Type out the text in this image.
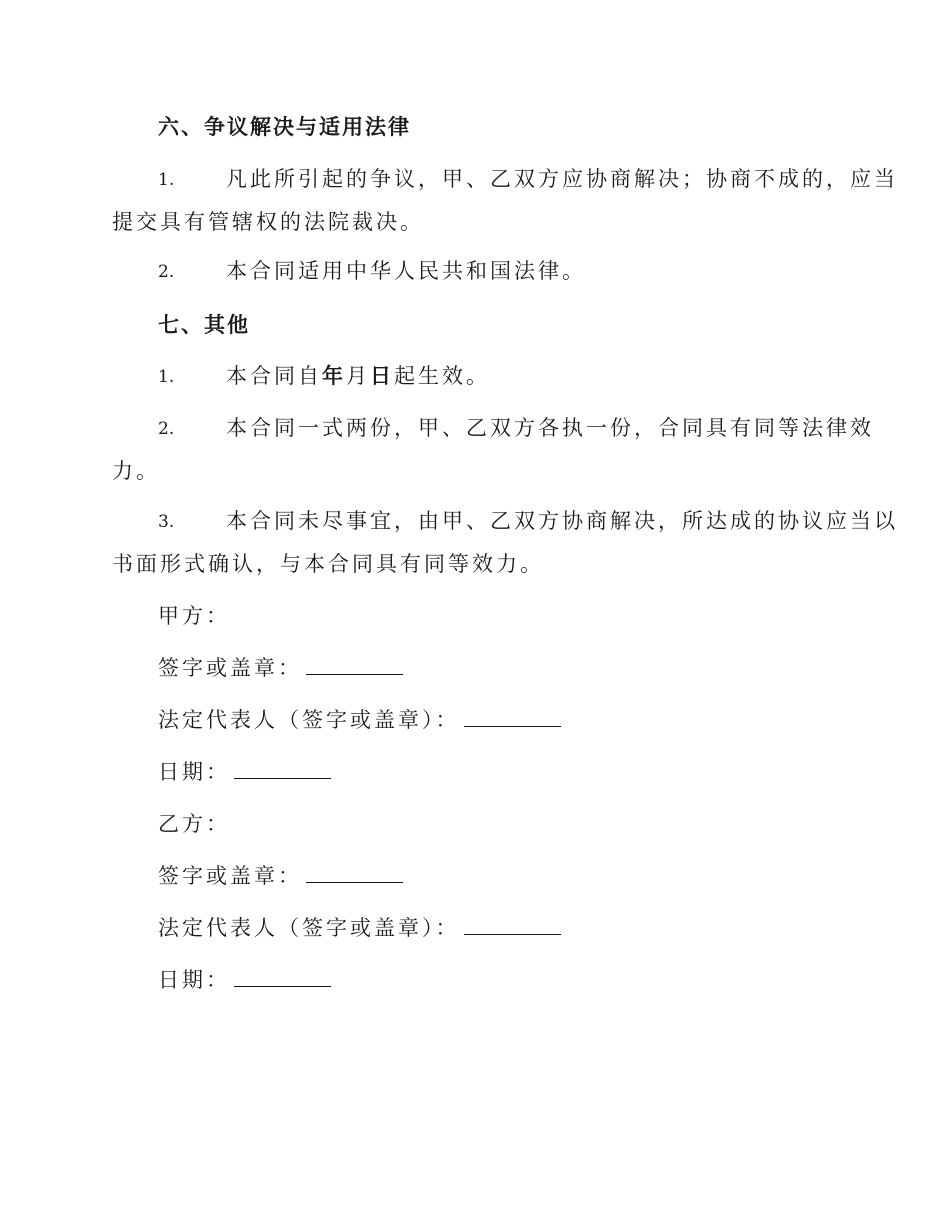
六、争议解决与适用法律
1. 凡此所引起的争议，甲、乙双方应协商解决；协商不成的，应当
提交具有管辖权的法院裁决。
2. 本合同适用中华人民共和国法律。
七、其他
1. 本合同自年月日起生效。
2. 本合同一式两份，甲、乙双方各执一份，合同具有同等法律效
力。
3. 本合同未尽事宜，由甲、乙双方协商解决，所达成的协议应当以
书面形式确认，与本合同具有同等效力。
甲方：
签字或盖章：
法定代表人（签字或盖章）：
日期：
乙方：
签字或盖章：
法定代表人（签字或盖章）：
日期：
